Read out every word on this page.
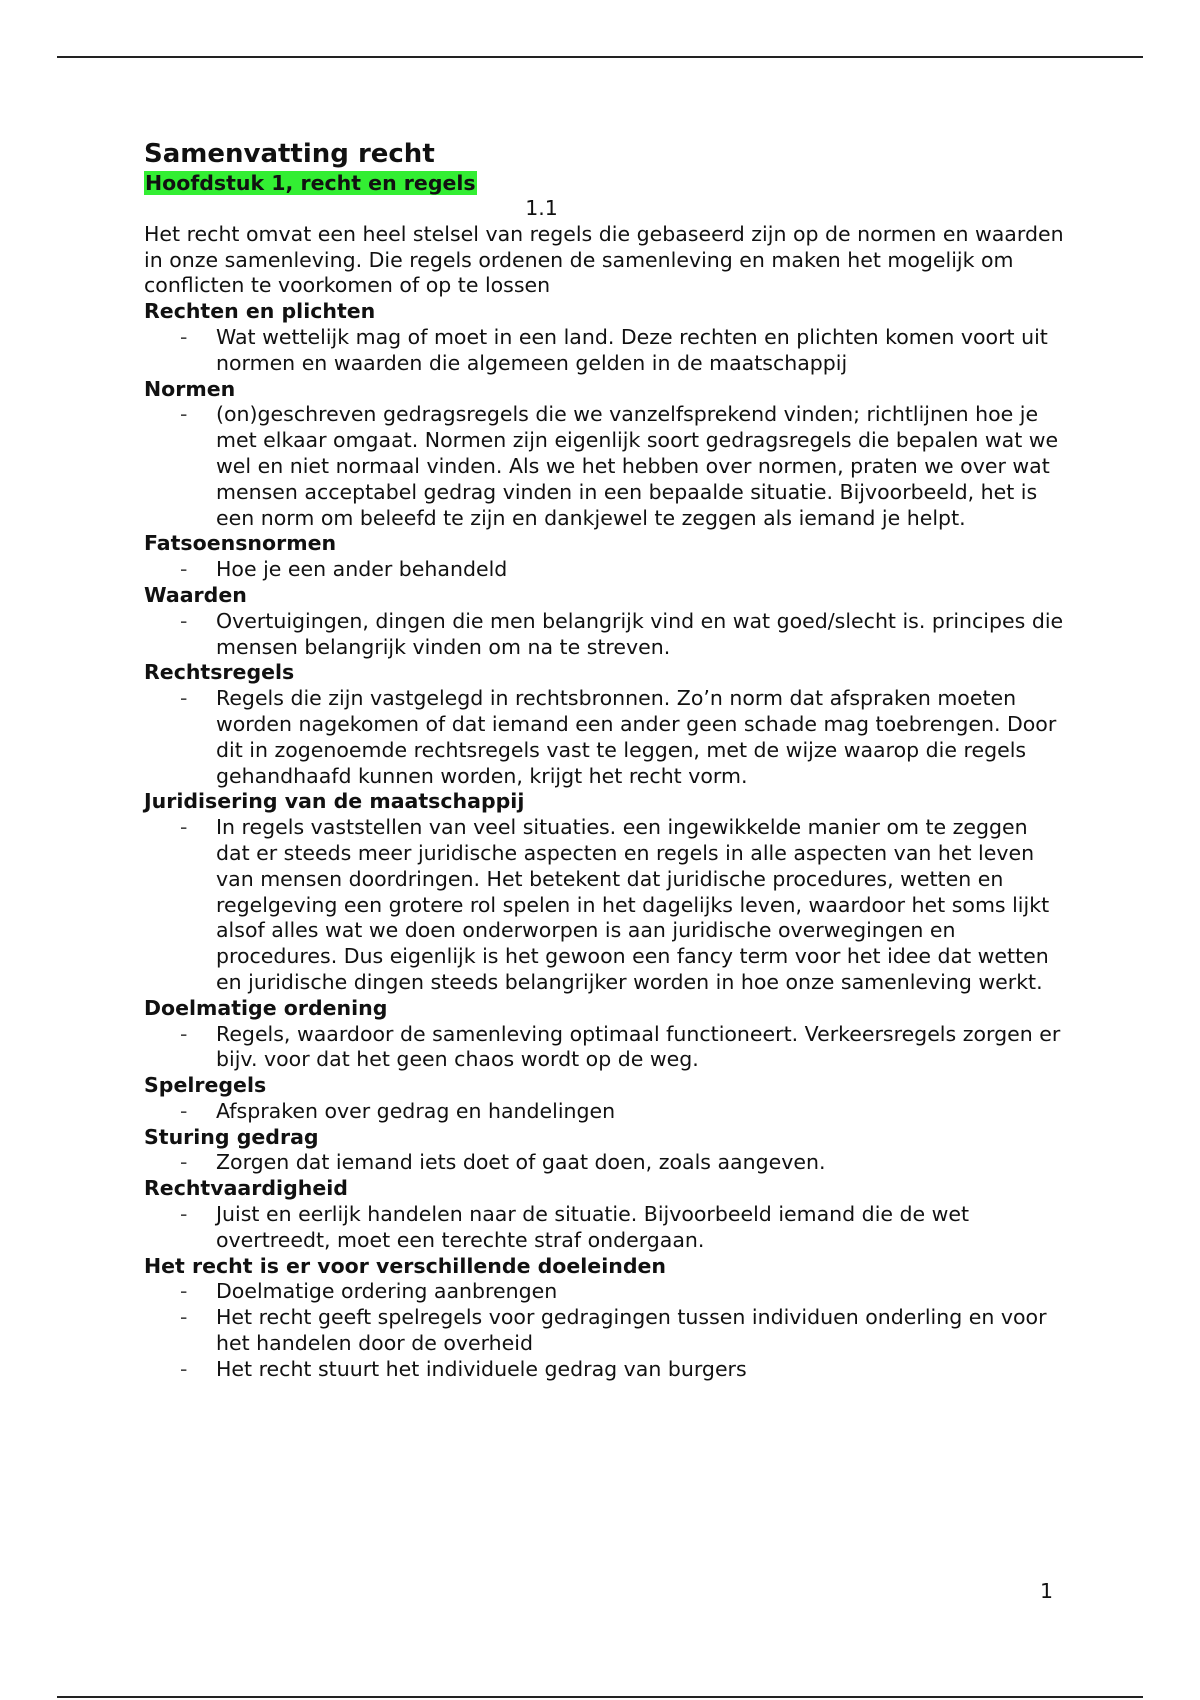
Samenvatting recht
Hoofdstuk 1, recht en regels
1.1

Het recht omvat een heel stelsel van regels die gebaseerd zijn op de normen en waarden in onze samenleving. Die regels ordenen de samenleving en maken het mogelijk om conflicten te voorkomen of op te lossen

Rechten en plichten
- Wat wettelijk mag of moet in een land. Deze rechten en plichten komen voort uit normen en waarden die algemeen gelden in de maatschappij
Normen
- (on)geschreven gedragsregels die we vanzelfsprekend vinden; richtlijnen hoe je met elkaar omgaat. Normen zijn eigenlijk soort gedragsregels die bepalen wat we wel en niet normaal vinden. Als we het hebben over normen, praten we over wat mensen acceptabel gedrag vinden in een bepaalde situatie. Bijvoorbeeld, het is een norm om beleefd te zijn en dankjewel te zeggen als iemand je helpt.
Fatsoensnormen
- Hoe je een ander behandeld
Waarden
- Overtuigingen, dingen die men belangrijk vind en wat goed/slecht is. principes die mensen belangrijk vinden om na te streven.
Rechtsregels
- Regels die zijn vastgelegd in rechtsbronnen. Zo’n norm dat afspraken moeten worden nagekomen of dat iemand een ander geen schade mag toebrengen. Door dit in zogenoemde rechtsregels vast te leggen, met de wijze waarop die regels gehandhaafd kunnen worden, krijgt het recht vorm.
Juridisering van de maatschappij
- In regels vaststellen van veel situaties. een ingewikkelde manier om te zeggen dat er steeds meer juridische aspecten en regels in alle aspecten van het leven van mensen doordringen. Het betekent dat juridische procedures, wetten en regelgeving een grotere rol spelen in het dagelijks leven, waardoor het soms lijkt alsof alles wat we doen onderworpen is aan juridische overwegingen en procedures. Dus eigenlijk is het gewoon een fancy term voor het idee dat wetten en juridische dingen steeds belangrijker worden in hoe onze samenleving werkt.
Doelmatige ordening
- Regels, waardoor de samenleving optimaal functioneert. Verkeersregels zorgen er bijv. voor dat het geen chaos wordt op de weg.
Spelregels
- Afspraken over gedrag en handelingen
Sturing gedrag
- Zorgen dat iemand iets doet of gaat doen, zoals aangeven.
Rechtvaardigheid
- Juist en eerlijk handelen naar de situatie. Bijvoorbeeld iemand die de wet overtreedt, moet een terechte straf ondergaan.
Het recht is er voor verschillende doeleinden
- Doelmatige ordering aanbrengen
- Het recht geeft spelregels voor gedragingen tussen individuen onderling en voor het handelen door de overheid
- Het recht stuurt het individuele gedrag van burgers
1
